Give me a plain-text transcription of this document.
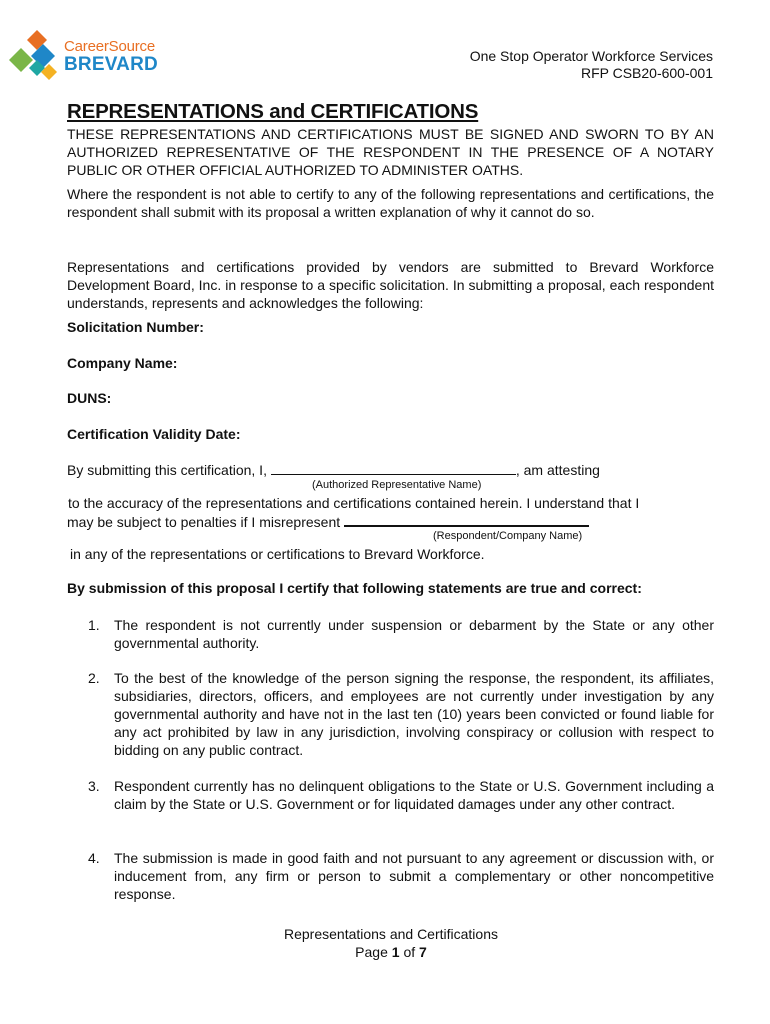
CareerSource
BREVARD	One Stop Operator Workforce Services
RFP CSB20-600-001
REPRESENTATIONS and CERTIFICATIONS

THESE REPRESENTATIONS AND CERTIFICATIONS MUST BE SIGNED AND SWORN TO BY AN AUTHORIZED REPRESENTATIVE OF THE RESPONDENT IN THE PRESENCE OF A NOTARY PUBLIC OR OTHER OFFICIAL AUTHORIZED TO ADMINISTER OATHS.

Where the respondent is not able to certify to any of the following representations and certifications, the respondent shall submit with its proposal a written explanation of why it cannot do so.

Representations and certifications provided by vendors are submitted to Brevard Workforce Development Board, Inc. in response to a specific solicitation. In submitting a proposal, each respondent understands, represents and acknowledges the following:

Solicitation Number:
Company Name:
DUNS:
Certification Validity Date:
By submitting this certification, I,	, am attesting
(Authorized Representative Name)
to the accuracy of the representations and certifications contained herein. I understand that I
may be subject to penalties if I misrepresent
(Respondent/Company Name)
in any of the representations or certifications to Brevard Workforce.
By submission of this proposal I certify that following statements are true and correct:
1. The respondent is not currently under suspension or debarment by the State or any other governmental authority.
2. To the best of the knowledge of the person signing the response, the respondent, its affiliates, subsidiaries, directors, officers, and employees are not currently under investigation by any governmental authority and have not in the last ten (10) years been convicted or found liable for any act prohibited by law in any jurisdiction, involving conspiracy or collusion with respect to bidding on any public contract.
3. Respondent currently has no delinquent obligations to the State or U.S. Government including a claim by the State or U.S. Government or for liquidated damages under any other contract.
4. The submission is made in good faith and not pursuant to any agreement or discussion with, or inducement from, any firm or person to submit a complementary or other noncompetitive response.
Representations and Certifications
Page 1 of 7
